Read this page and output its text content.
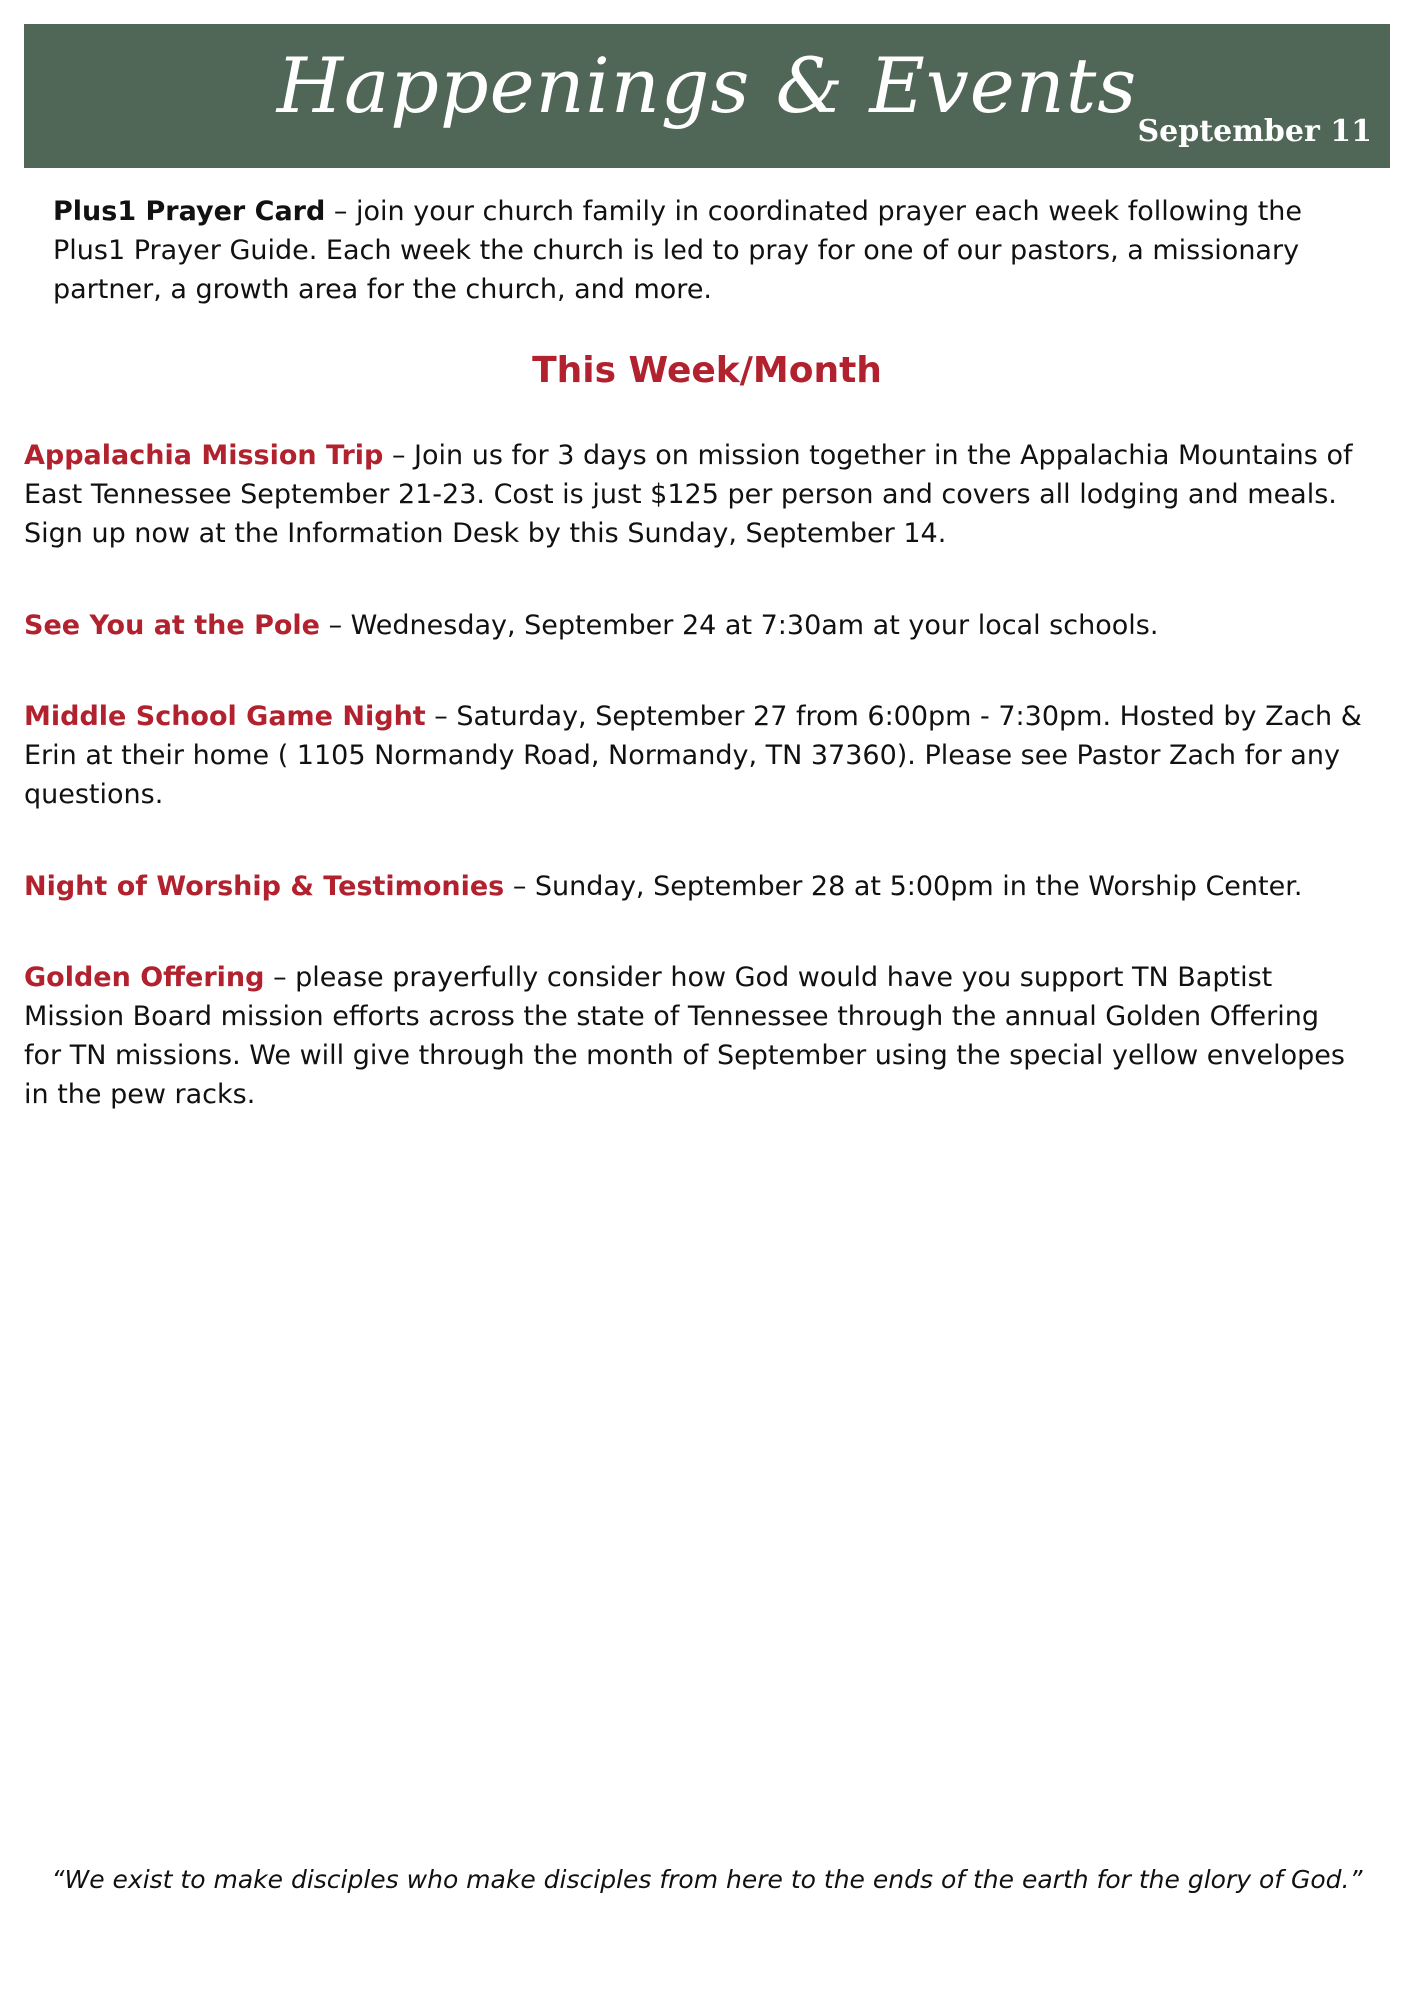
Happenings & Events
September 11

Plus1 Prayer Card – join your church family in coordinated prayer each week following the Plus1 Prayer Guide. Each week the church is led to pray for one of our pastors, a missionary partner, a growth area for the church, and more.

This Week/Month

Appalachia Mission Trip – Join us for 3 days on mission together in the Appalachia Mountains of East Tennessee September 21-23. Cost is just $125 per person and covers all lodging and meals. Sign up now at the Information Desk by this Sunday, September 14.

See You at the Pole – Wednesday, September 24 at 7:30am at your local schools.

Middle School Game Night – Saturday, September 27 from 6:00pm - 7:30pm. Hosted by Zach & Erin at their home ( 1105 Normandy Road, Normandy, TN 37360). Please see Pastor Zach for any questions.

Night of Worship & Testimonies – Sunday, September 28 at 5:00pm in the Worship Center.

Golden Offering – please prayerfully consider how God would have you support TN Baptist Mission Board mission efforts across the state of Tennessee through the annual Golden Offering for TN missions. We will give through the month of September using the special yellow envelopes in the pew racks.

“We exist to make disciples who make disciples from here to the ends of the earth for the glory of God.”
